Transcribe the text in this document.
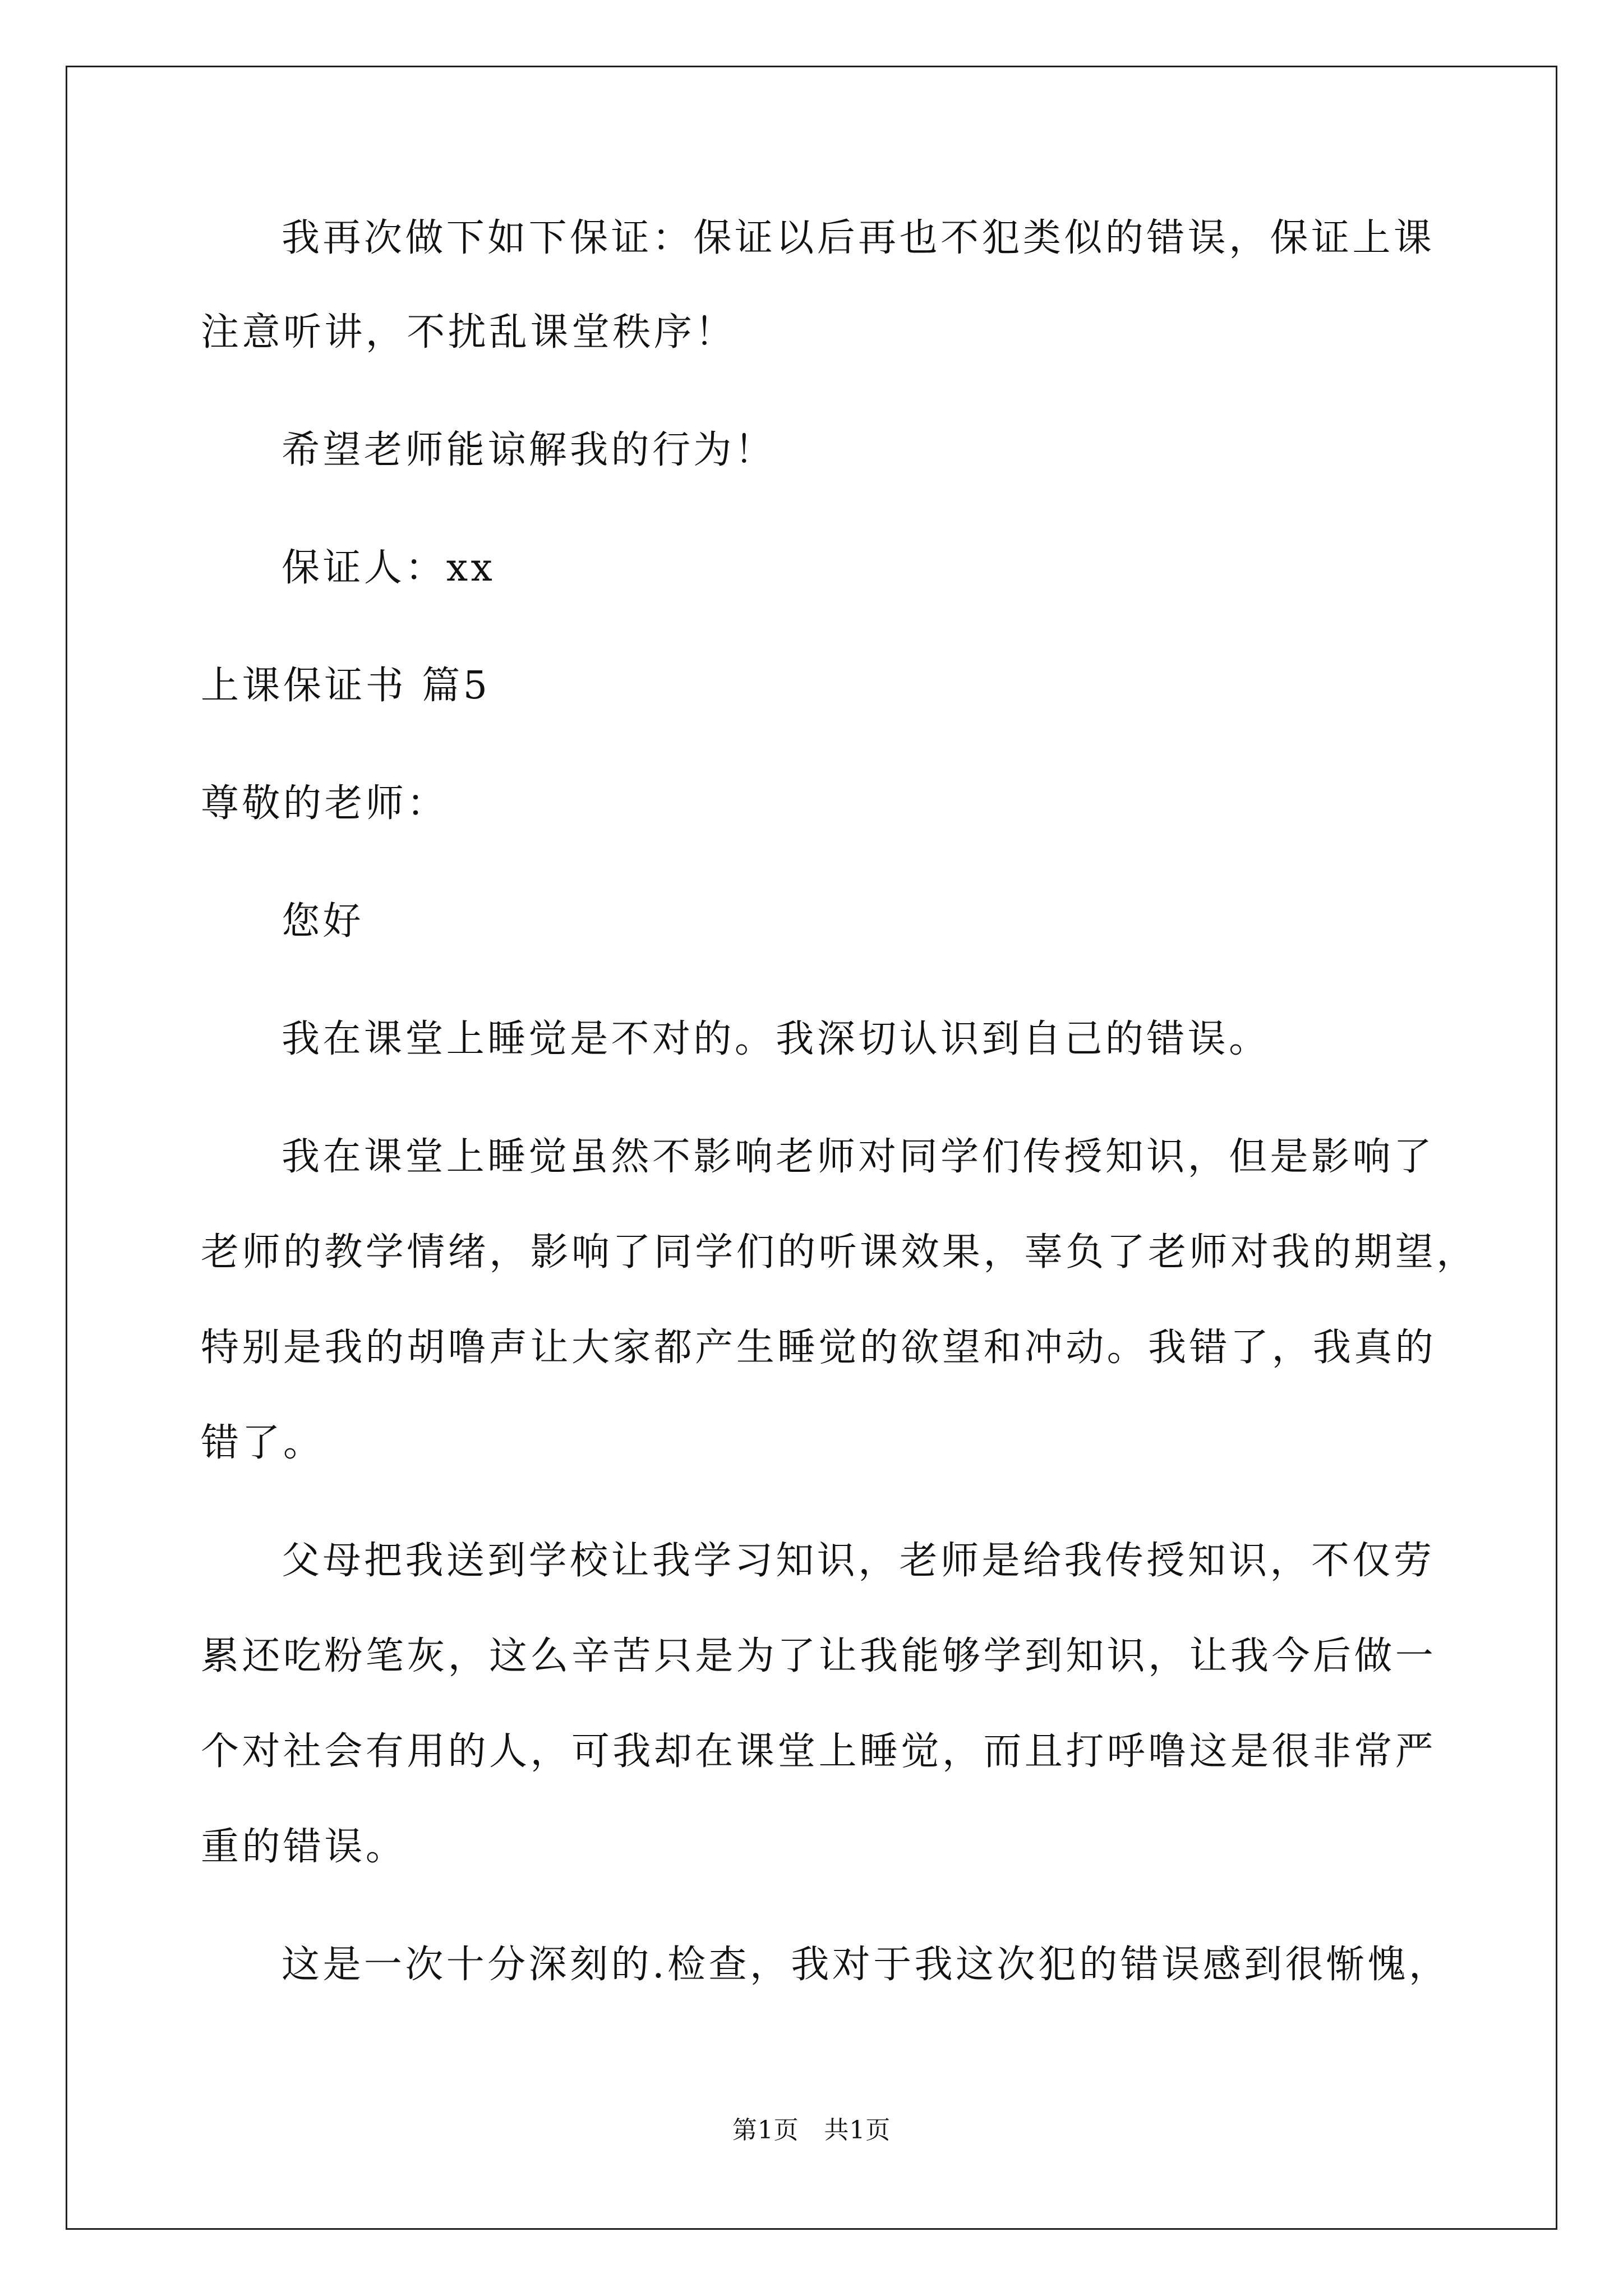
我再次做下如下保证：保证以后再也不犯类似的错误，保证上课
注意听讲，不扰乱课堂秩序！
希望老师能谅解我的行为！
保证人：xx
上课保证书 篇5
尊敬的老师：
您好
我在课堂上睡觉是不对的。我深切认识到自己的错误。
我在课堂上睡觉虽然不影响老师对同学们传授知识，但是影响了
老师的教学情绪，影响了同学们的听课效果，辜负了老师对我的期望，
特别是我的胡噜声让大家都产生睡觉的欲望和冲动。我错了，我真的
错了。
父母把我送到学校让我学习知识，老师是给我传授知识，不仅劳
累还吃粉笔灰，这么辛苦只是为了让我能够学到知识，让我今后做一
个对社会有用的人，可我却在课堂上睡觉，而且打呼噜这是很非常严
重的错误。
这是一次十分深刻的.检查，我对于我这次犯的错误感到很惭愧，
第1页　共1页
